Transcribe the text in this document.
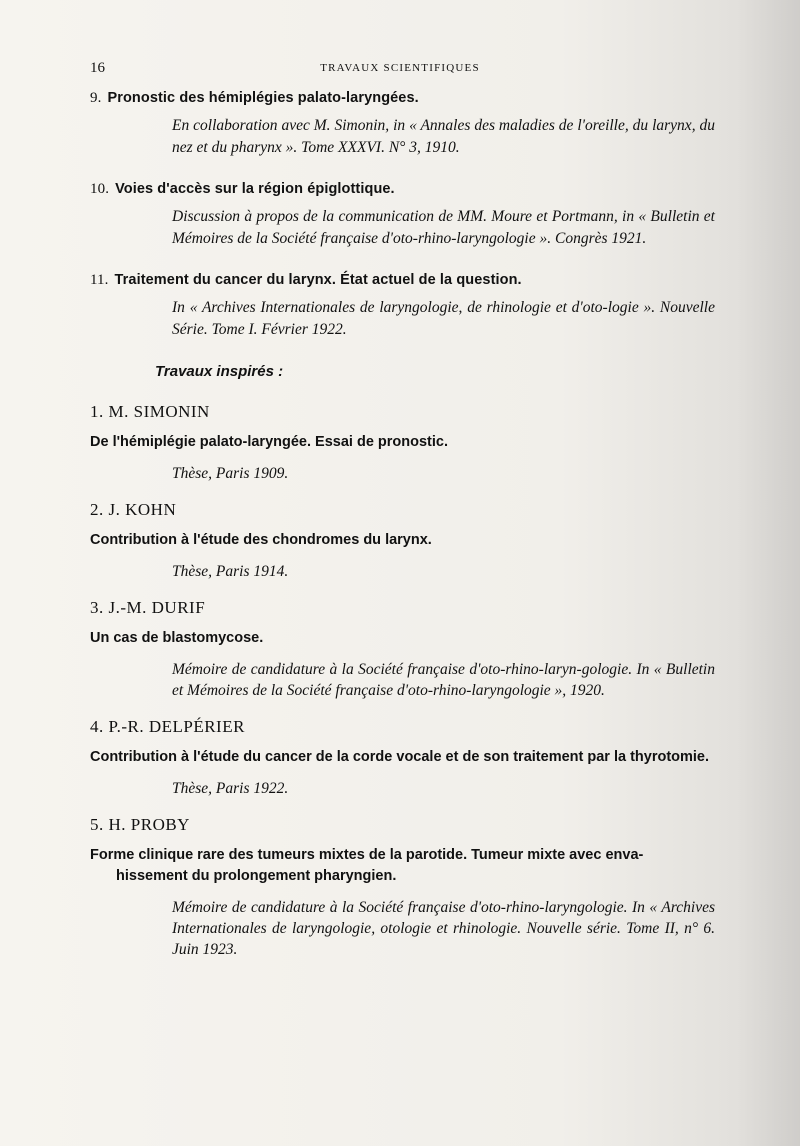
16	TRAVAUX SCIENTIFIQUES
9. Pronostic des hémiplégies palato-laryngées.
En collaboration avec M. Simonin, in « Annales des maladies de l'oreille, du larynx, du nez et du pharynx ». Tome XXXVI. N° 3, 1910.
10. Voies d'accès sur la région épiglottique.
Discussion à propos de la communication de MM. Moure et Portmann, in « Bulletin et Mémoires de la Société française d'oto-rhino-laryngologie ». Congrès 1921.
11. Traitement du cancer du larynx. État actuel de la question.
In « Archives Internationales de laryngologie, de rhinologie et d'oto-logie ». Nouvelle Série. Tome I. Février 1922.
Travaux inspirés :
1. M. SIMONIN
De l'hémiplégie palato-laryngée. Essai de pronostic.
Thèse, Paris 1909.
2. J. KOHN
Contribution à l'étude des chondromes du larynx.
Thèse, Paris 1914.
3. J.-M. DURIF
Un cas de blastomycose.
Mémoire de candidature à la Société française d'oto-rhino-laryn-gologie. In « Bulletin et Mémoires de la Société française d'oto-rhino-laryngologie », 1920.
4. P.-R. DELPÉRIER
Contribution à l'étude du cancer de la corde vocale et de son traitement par la thyrotomie.
Thèse, Paris 1922.
5. H. PROBY
Forme clinique rare des tumeurs mixtes de la parotide. Tumeur mixte avec enva-hissement du prolongement pharyngien.
Mémoire de candidature à la Société française d'oto-rhino-laryngologie. In « Archives Internationales de laryngologie, otologie et rhinologie. Nouvelle série. Tome II, n° 6. Juin 1923.
